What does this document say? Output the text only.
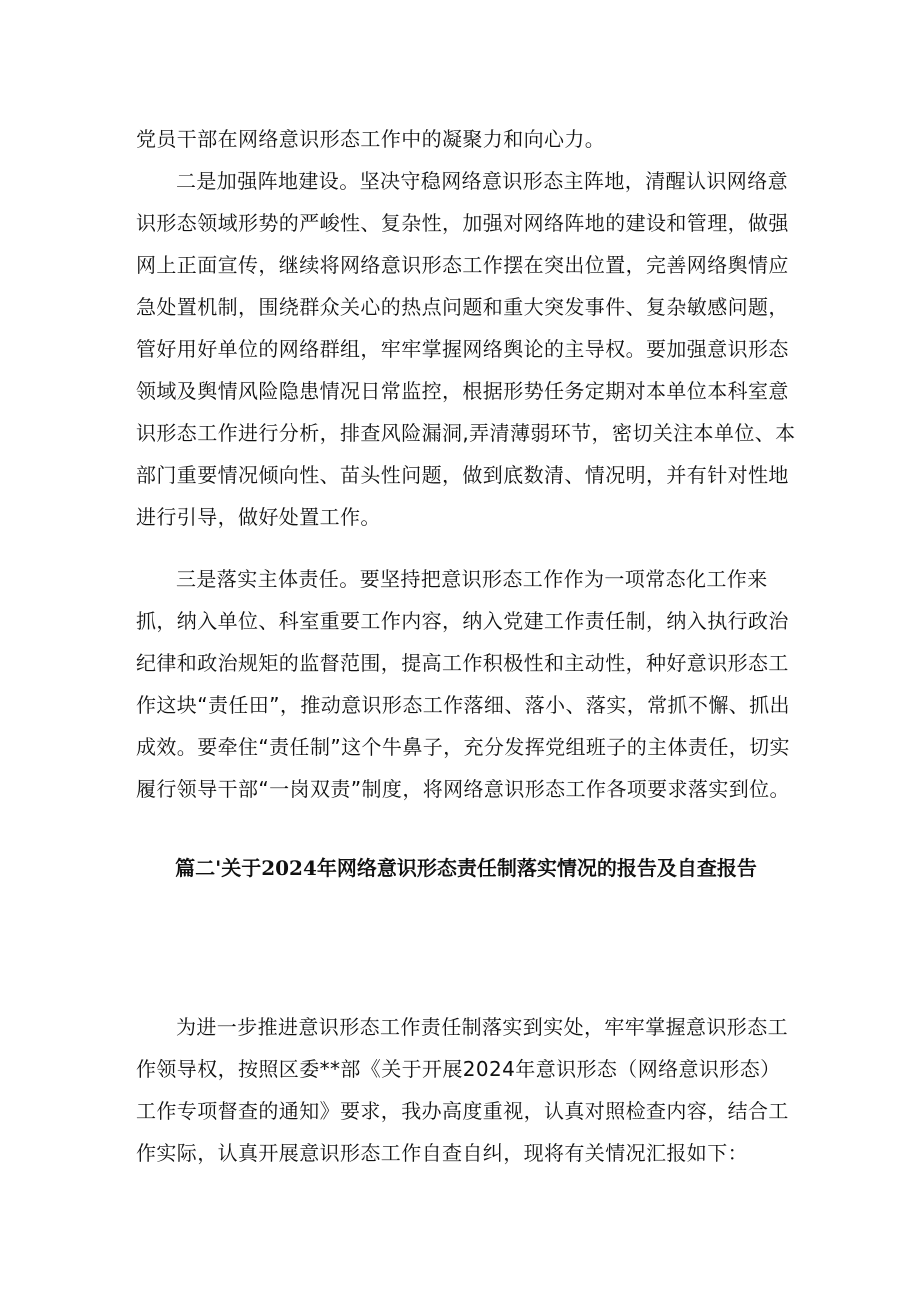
党员干部在网络意识形态工作中的凝聚力和向心力。

二是加强阵地建设。坚决守稳网络意识形态主阵地，清醒认识网络意识形态领域形势的严峻性、复杂性，加强对网络阵地的建设和管理，做强网上正面宣传，继续将网络意识形态工作摆在突出位置，完善网络舆情应急处置机制，围绕群众关心的热点问题和重大突发事件、复杂敏感问题，管好用好单位的网络群组，牢牢掌握网络舆论的主导权。要加强意识形态领域及舆情风险隐患情况日常监控，根据形势任务定期对本单位本科室意识形态工作进行分析，排查风险漏洞,弄清薄弱环节，密切关注本单位、本部门重要情况倾向性、苗头性问题，做到底数清、情况明，并有针对性地进行引导，做好处置工作。

三是落实主体责任。要坚持把意识形态工作作为一项常态化工作来抓，纳入单位、科室重要工作内容，纳入党建工作责任制，纳入执行政治纪律和政治规矩的监督范围，提高工作积极性和主动性，种好意识形态工作这块“责任田”，推动意识形态工作落细、落小、落实，常抓不懈、抓出成效。要牵住“责任制”这个牛鼻子，充分发挥党组班子的主体责任，切实履行领导干部“一岗双责”制度，将网络意识形态工作各项要求落实到位。

篇二'关于2024年网络意识形态责任制落实情况的报告及自查报告

为进一步推进意识形态工作责任制落实到实处，牢牢掌握意识形态工作领导权，按照区委**部《关于开展2024年意识形态（网络意识形态）工作专项督查的通知》要求，我办高度重视，认真对照检查内容，结合工作实际，认真开展意识形态工作自查自纠，现将有关情况汇报如下：
